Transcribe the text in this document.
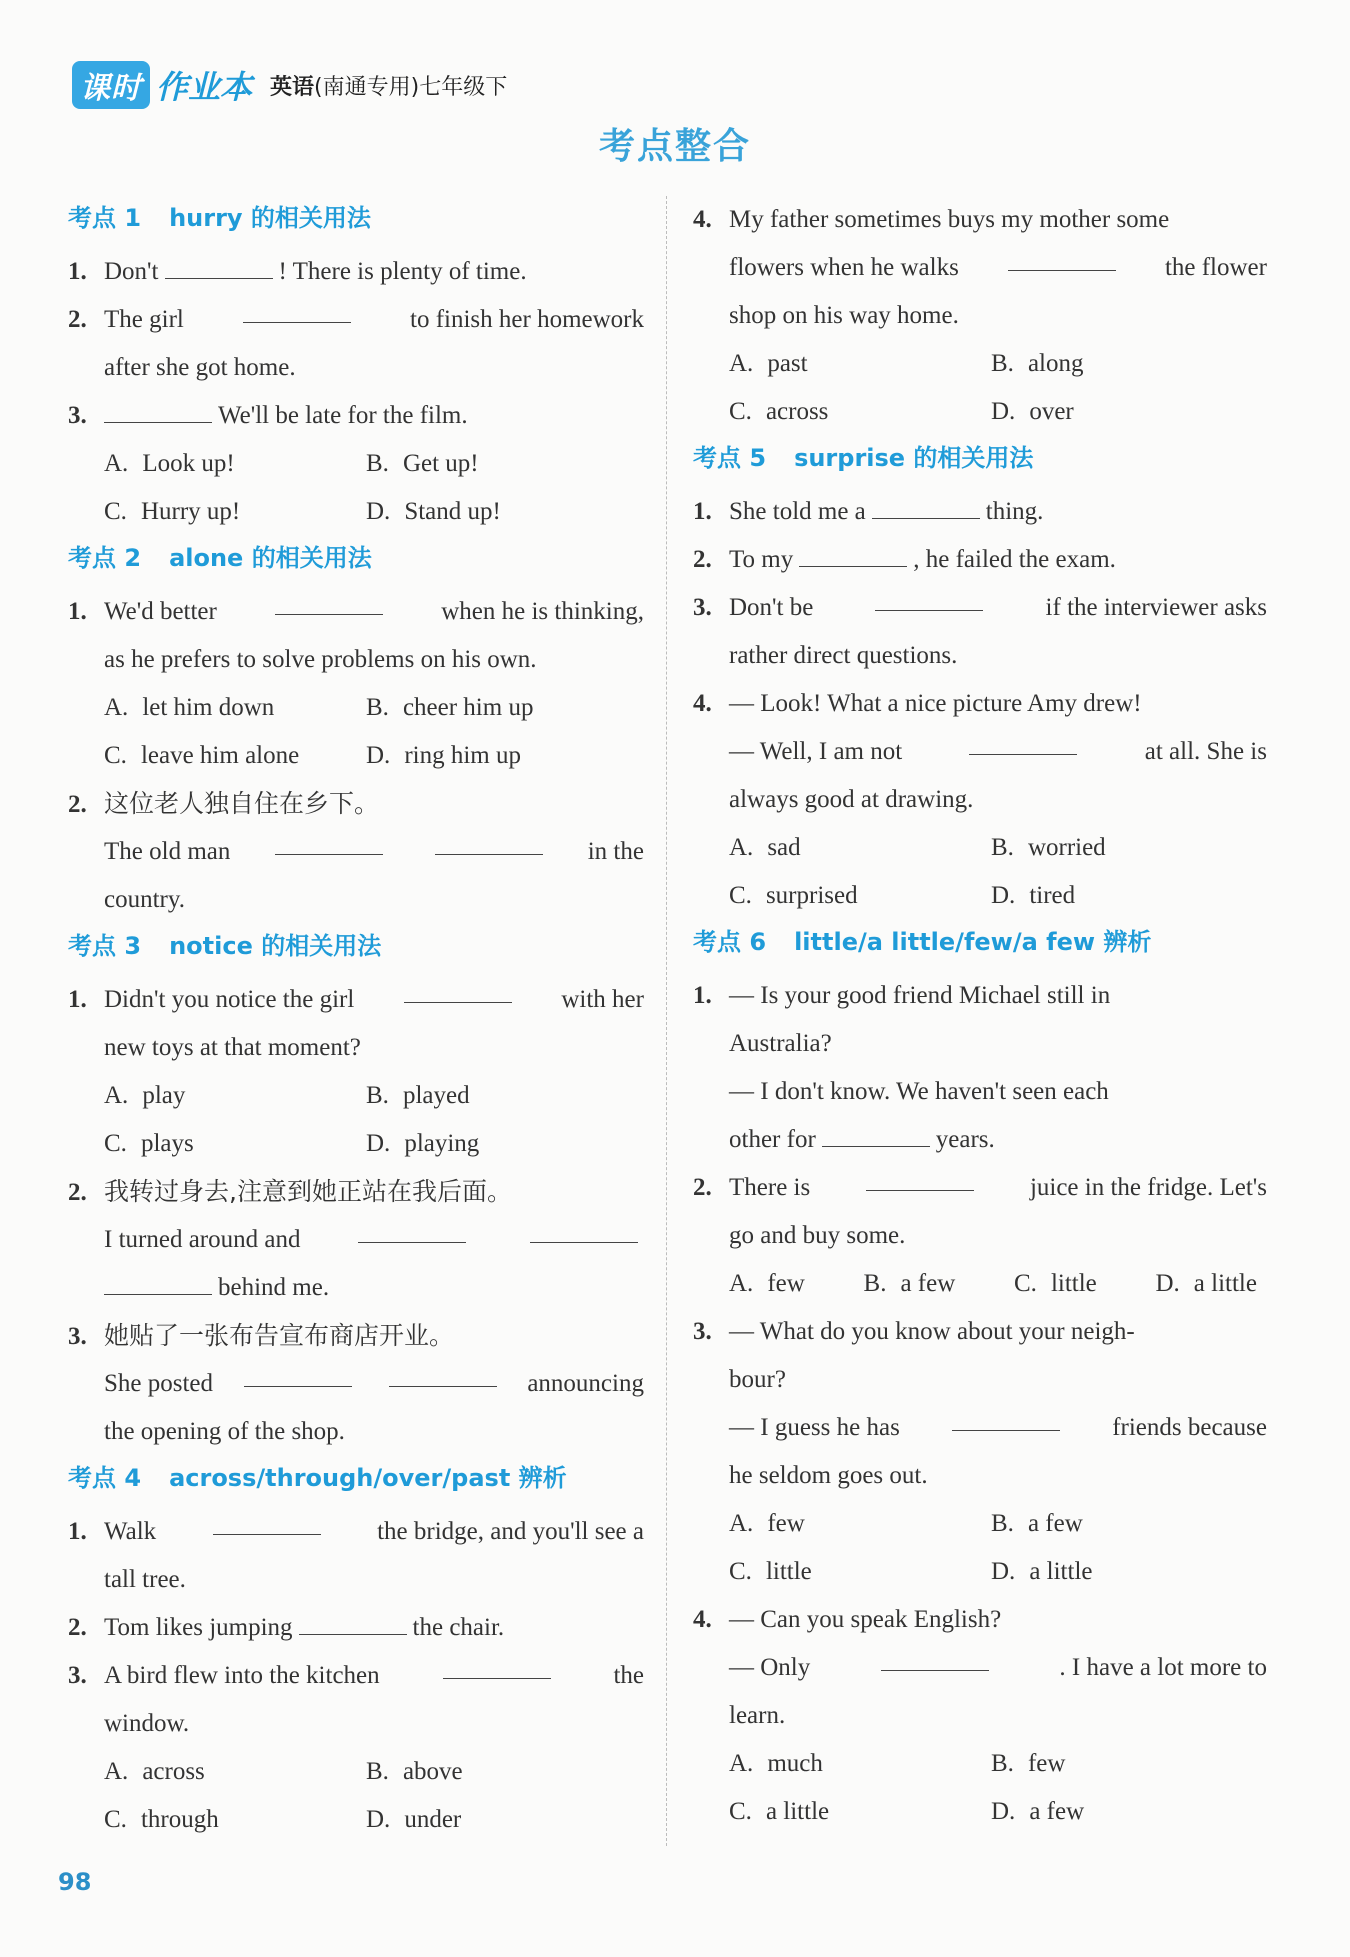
课时 作业本 英语(南通专用)七年级下
考点整合
考点 1 hurry 的相关用法
1. Don't	! There is plenty of time.
2. The girl	to finish her homework
after she got home.
3.	We'll be late for the film.
A. Look up!	B. Get up!
C. Hurry up!	D. Stand up!
考点 2 alone 的相关用法
1. We'd better	when he is thinking,
as he prefers to solve problems on his own.
A. let him down	B. cheer him up
C. leave him alone	D. ring him up
2. 这位老人独自住在乡下。
The old man	in the
country.
考点 3 notice 的相关用法
1. Didn't you notice the girl	with her
new toys at that moment?
A. play	B. played
C. plays	D. playing
2. 我转过身去,注意到她正站在我后面。
I turned around and
behind me.
3. 她贴了一张布告宣布商店开业。
She posted	announcing
the opening of the shop.
考点 4 across/through/over/past 辨析
1. Walk	the bridge, and you'll see a
tall tree.
2. Tom likes jumping	the chair.
3. A bird flew into the kitchen	the
window.
A. across	B. above
C. through	D. under
4. My father sometimes buys my mother some
flowers when he walks	the flower
shop on his way home.
A. past	B. along
C. across	D. over
考点 5 surprise 的相关用法
1. She told me a	thing.
2. To my	, he failed the exam.
3. Don't be	if the interviewer asks
rather direct questions.
4. — Look! What a nice picture Amy drew!
— Well, I am not	at all. She is
always good at drawing.
A. sad	B. worried
C. surprised	D. tired
考点 6 little/a little/few/a few 辨析
1. — Is your good friend Michael still in
Australia?
— I don't know. We haven't seen each
other for	years.
2. There is	juice in the fridge. Let's
go and buy some.
A. few B. a few C. little D. a little
3. — What do you know about your neigh-
bour?
— I guess he has	friends because
he seldom goes out.
A. few	B. a few
C. little	D. a little
4. — Can you speak English?
— Only	. I have a lot more to
learn.
A. much	B. few
C. a little	D. a few
98
